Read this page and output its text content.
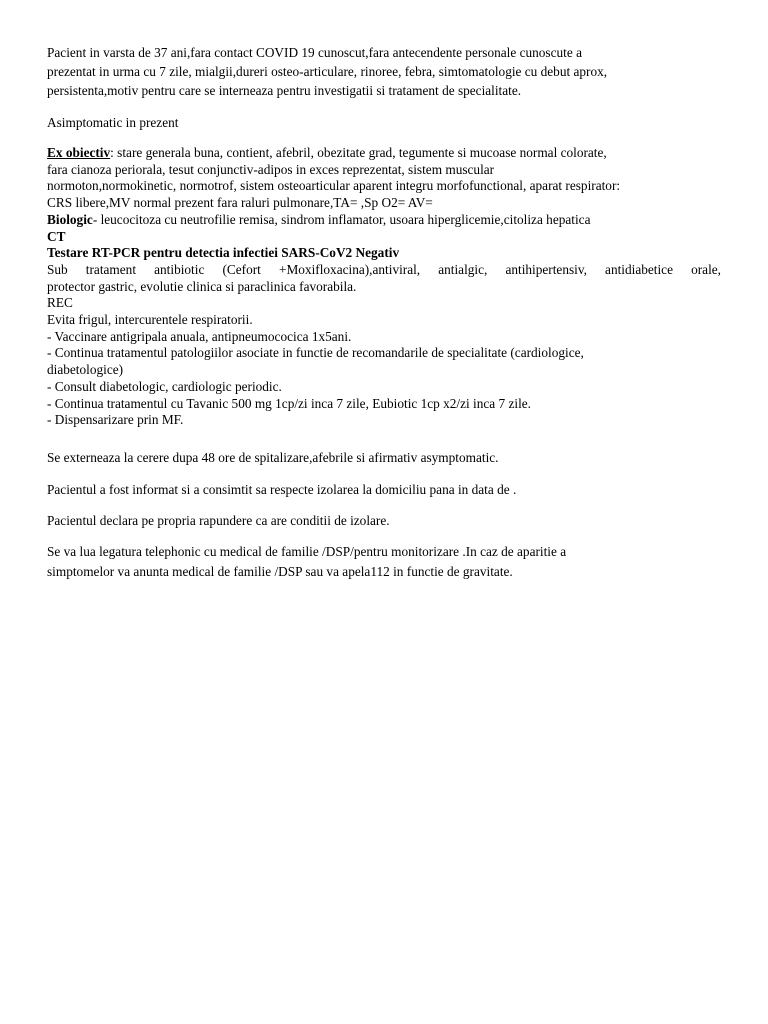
Pacient in varsta de 37 ani,fara contact COVID 19 cunoscut,fara antecendente personale cunoscute a
prezentat in urma cu 7 zile, mialgii,dureri osteo-articulare, rinoree, febra, simtomatologie cu debut aprox,
persistenta,motiv pentru care se interneaza pentru investigatii si tratament de specialitate.
Asimptomatic in prezent
Ex obiectiv: stare generala buna, contient, afebril, obezitate grad, tegumente si mucoase normal colorate,
fara cianoza periorala, tesut conjunctiv-adipos in exces reprezentat, sistem muscular
normoton,normokinetic, normotrof, sistem osteoarticular aparent integru morfofunctional, aparat respirator:
CRS libere,MV normal prezent fara raluri pulmonare,TA= ,Sp O2= AV=
Biologic- leucocitoza cu neutrofilie remisa, sindrom inflamator, usoara hiperglicemie,citoliza hepatica
CT
Testare RT-PCR pentru detectia infectiei SARS-CoV2 Negativ
Sub tratament antibiotic (Cefort +Moxifloxacina),antiviral, antialgic, antihipertensiv, antidiabetice orale,
protector gastric, evolutie clinica si paraclinica favorabila.
REC
Evita frigul, intercurentele respiratorii.
- Vaccinare antigripala anuala, antipneumococica 1x5ani.
- Continua tratamentul patologiilor asociate in functie de recomandarile de specialitate (cardiologice,
diabetologice)
- Consult diabetologic, cardiologic periodic.
- Continua tratamentul cu Tavanic 500 mg 1cp/zi inca 7 zile, Eubiotic 1cp x2/zi inca 7 zile.
- Dispensarizare prin MF.
Se externeaza la cerere dupa 48 ore de spitalizare,afebrile si afirmativ asymptomatic.
Pacientul a fost informat si a consimtit sa respecte izolarea la domiciliu pana in data de .
Pacientul declara pe propria rapundere ca are conditii de izolare.
Se va lua legatura telephonic cu medical de familie /DSP/pentru monitorizare .In caz de aparitie a
simptomelor va anunta medical de familie /DSP sau va apela112 in functie de gravitate.
